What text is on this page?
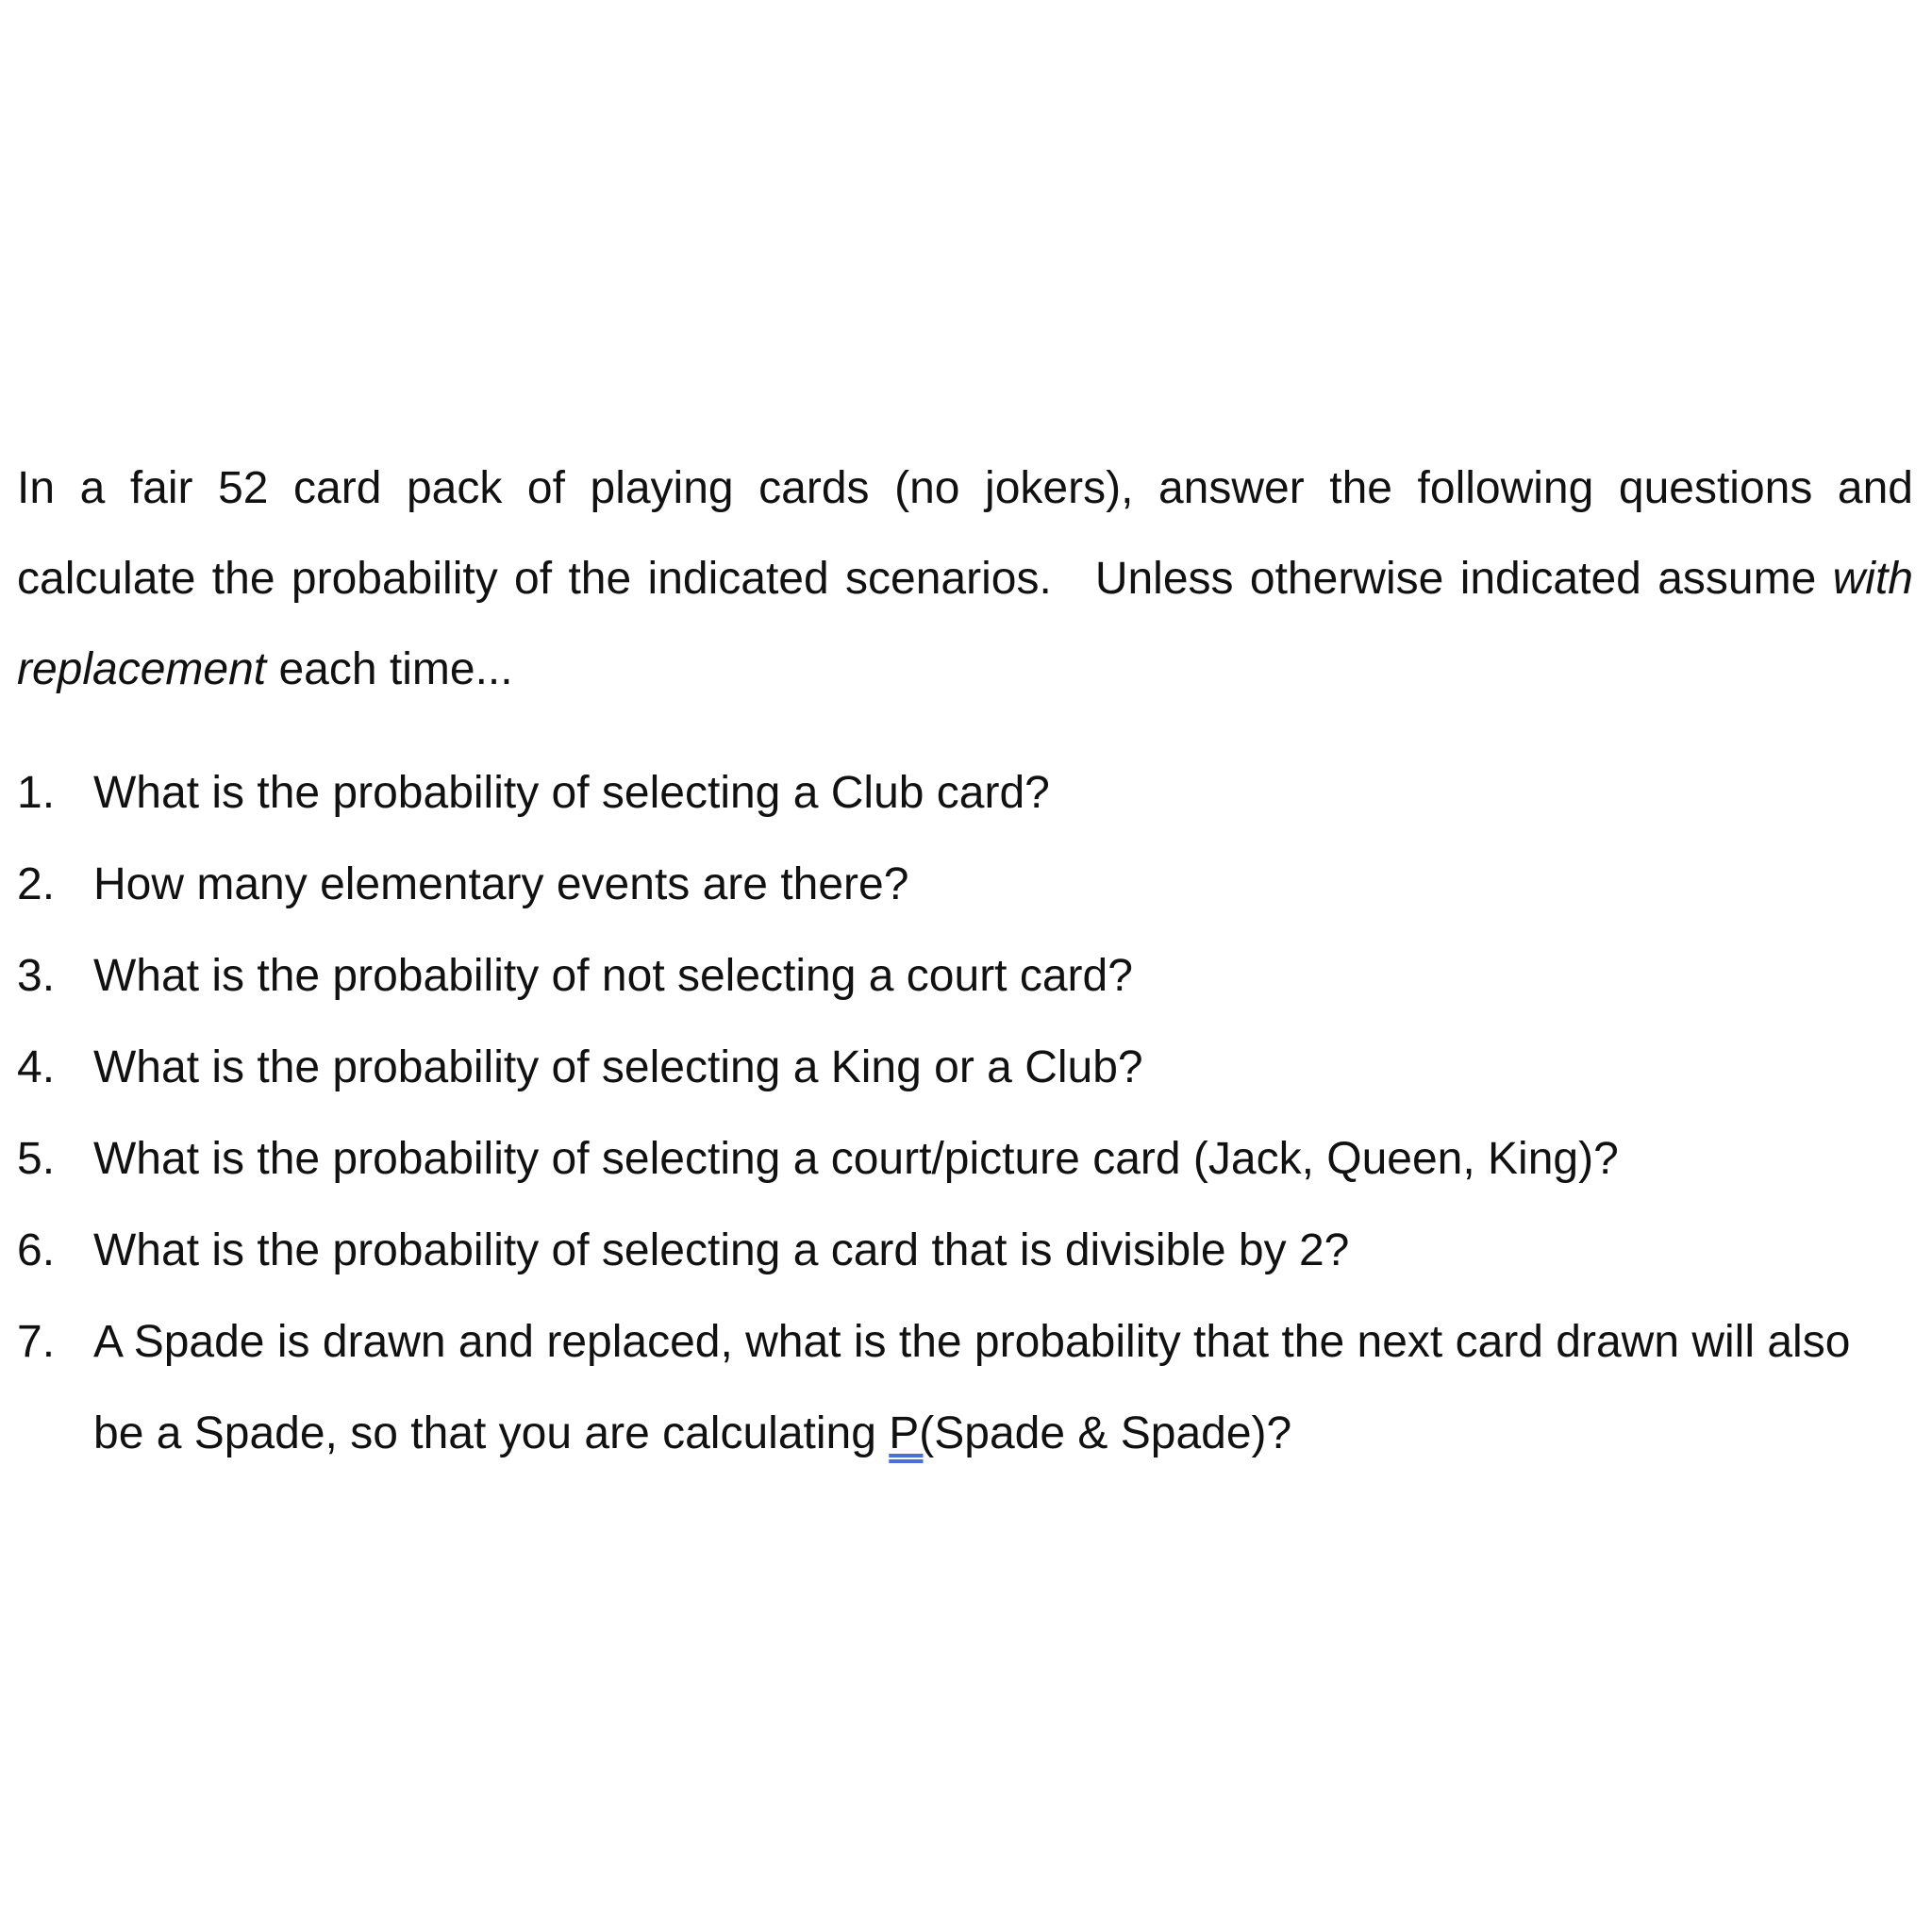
In a fair 52 card pack of playing cards (no jokers), answer the following questions and calculate the probability of the indicated scenarios. Unless otherwise indicated assume with replacement each time...

1. What is the probability of selecting a Club card?
2. How many elementary events are there?
3. What is the probability of not selecting a court card?
4. What is the probability of selecting a King or a Club?
5. What is the probability of selecting a court/picture card (Jack, Queen, King)?
6. What is the probability of selecting a card that is divisible by 2?
7. A Spade is drawn and replaced, what is the probability that the next card drawn will also be a Spade, so that you are calculating P(Spade & Spade)?
